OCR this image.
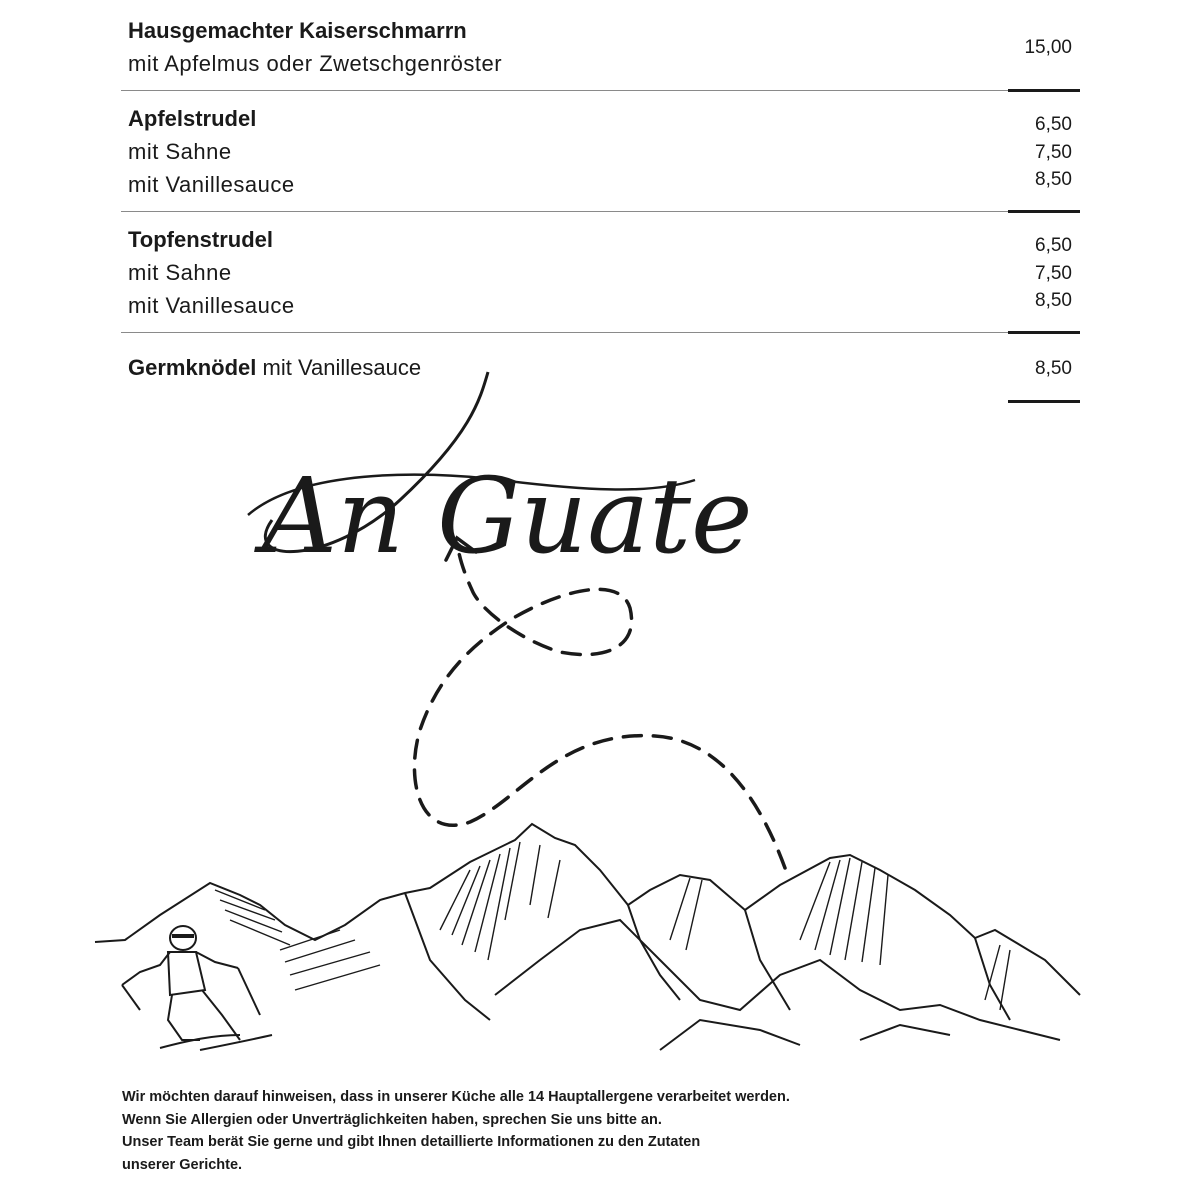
Hausgemachter Kaiserschmarrn
mit Apfelmus oder Zwetschgenröster
15,00
Apfelstrudel
mit Sahne
mit Vanillesauce
6,50
7,50
8,50
Topfenstrudel
mit Sahne
mit Vanillesauce
6,50
7,50
8,50
Germknödel mit Vanillesauce	8,50
An Guate
Wir möchten darauf hinweisen, dass in unserer Küche alle 14 Hauptallergene verarbeitet werden.
Wenn Sie Allergien oder Unverträglichkeiten haben, sprechen Sie uns bitte an.
Unser Team berät Sie gerne und gibt Ihnen detaillierte Informationen zu den Zutaten
unserer Gerichte.
